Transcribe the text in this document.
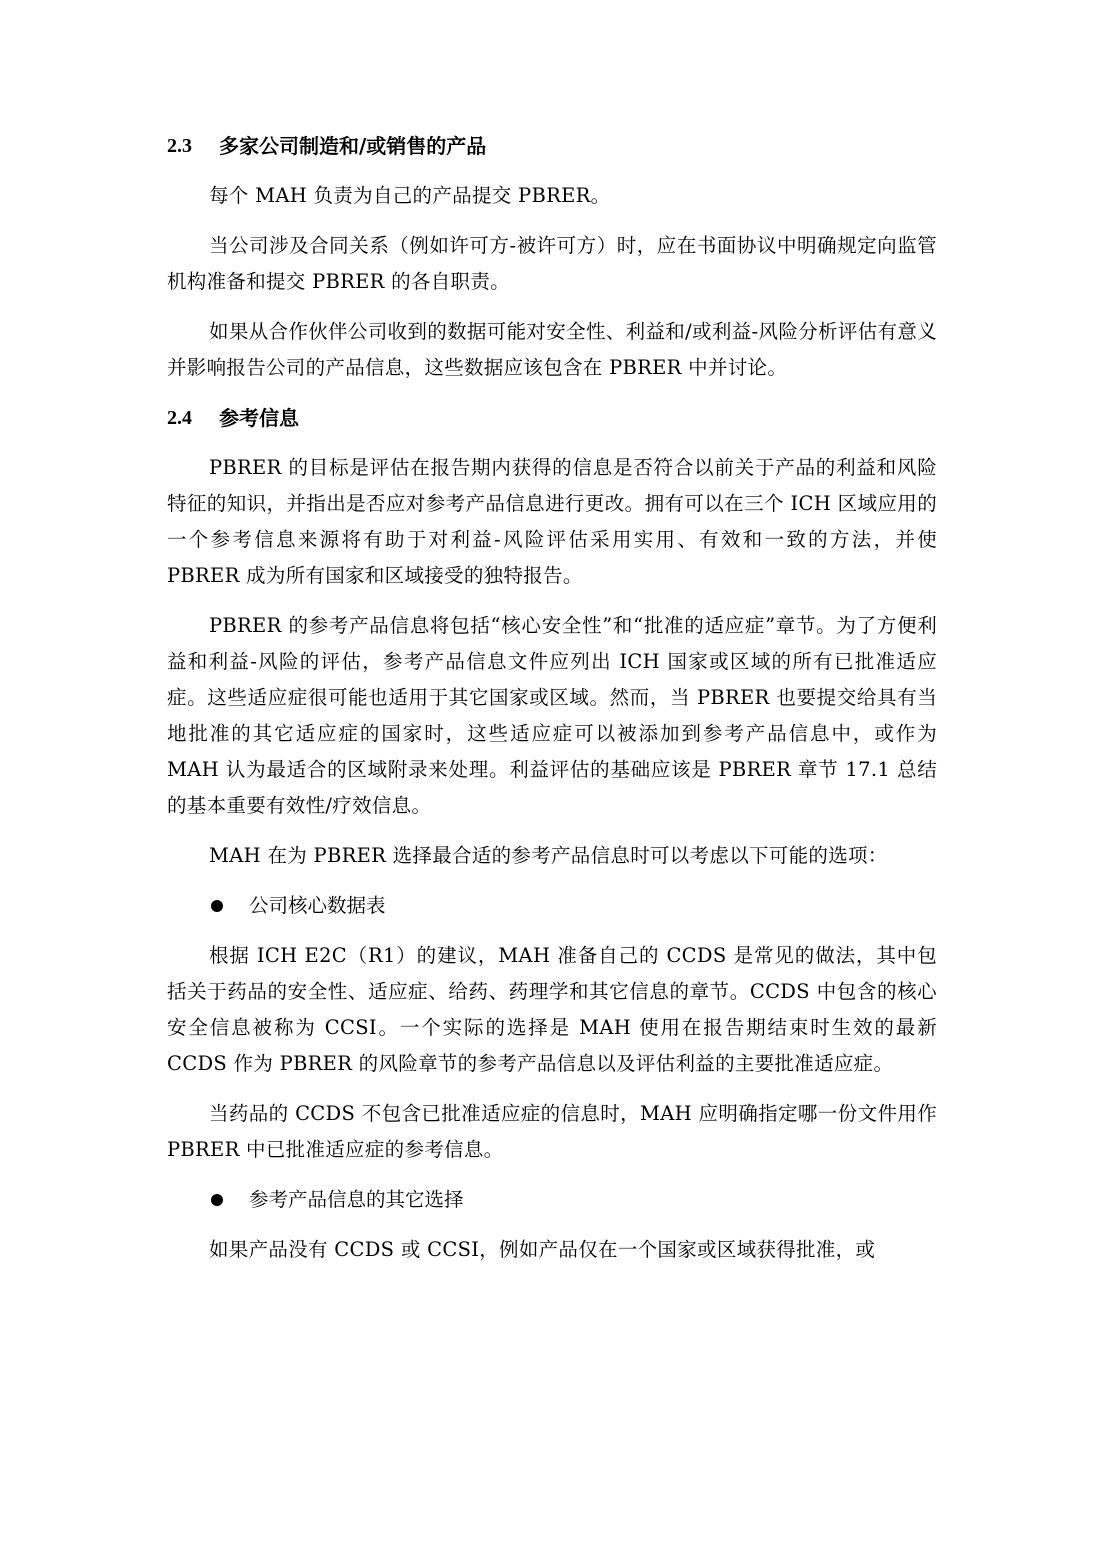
2.3	多家公司制造和/或销售的产品

每个 MAH 负责为自己的产品提交 PBRER。

当公司涉及合同关系（例如许可方-被许可方）时，应在书面协议中明确规定向监管机构准备和提交 PBRER 的各自职责。

如果从合作伙伴公司收到的数据可能对安全性、利益和/或利益-风险分析评估有意义并影响报告公司的产品信息，这些数据应该包含在 PBRER 中并讨论。

2.4	参考信息

PBRER 的目标是评估在报告期内获得的信息是否符合以前关于产品的利益和风险特征的知识，并指出是否应对参考产品信息进行更改。拥有可以在三个 ICH 区域应用的一个参考信息来源将有助于对利益-风险评估采用实用、有效和一致的方法，并使 PBRER 成为所有国家和区域接受的独特报告。

PBRER 的参考产品信息将包括“核心安全性”和“批准的适应症”章节。为了方便利益和利益-风险的评估，参考产品信息文件应列出 ICH 国家或区域的所有已批准适应症。这些适应症很可能也适用于其它国家或区域。然而，当 PBRER 也要提交给具有当地批准的其它适应症的国家时，这些适应症可以被添加到参考产品信息中，或作为 MAH 认为最适合的区域附录来处理。利益评估的基础应该是 PBRER 章节 17.1 总结的基本重要有效性/疗效信息。

MAH 在为 PBRER 选择最合适的参考产品信息时可以考虑以下可能的选项：

公司核心数据表

根据 ICH E2C（R1）的建议，MAH 准备自己的 CCDS 是常见的做法，其中包括关于药品的安全性、适应症、给药、药理学和其它信息的章节。CCDS 中包含的核心安全信息被称为 CCSI。一个实际的选择是 MAH 使用在报告期结束时生效的最新 CCDS 作为 PBRER 的风险章节的参考产品信息以及评估利益的主要批准适应症。

当药品的 CCDS 不包含已批准适应症的信息时，MAH 应明确指定哪一份文件用作 PBRER 中已批准适应症的参考信息。

参考产品信息的其它选择

如果产品没有 CCDS 或 CCSI，例如产品仅在一个国家或区域获得批准，或
